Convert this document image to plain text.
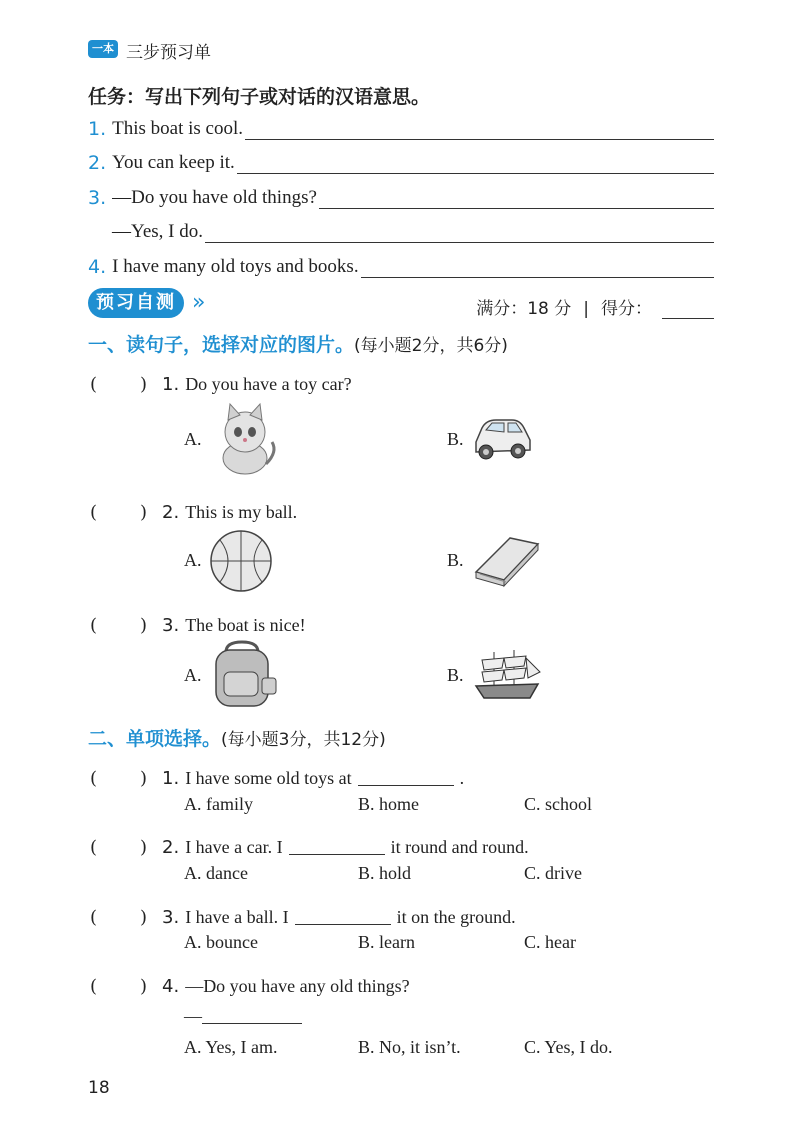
一本 三步预习单
任务：写出下列句子或对话的汉语意思。
1. This boat is cool.
2. You can keep it.
3. —Do you have old things?
—Yes, I do.
4. I have many old toys and books.
预习自测 »	满分：18 分 | 得分：
一、读句子，选择对应的图片。(每小题2分，共6分)
( ) 1. Do you have a toy car?
A.	B.
( ) 2. This is my ball.
A.	B.
( ) 3. The boat is nice!
A.	B.
二、单项选择。(每小题3分，共12分)
( ) 1. I have some old toys at	.
A. family	B. home	C. school
( ) 2. I have a car. I	it round and round.
A. dance	B. hold	C. drive
( ) 3. I have a ball. I	it on the ground.
A. bounce	B. learn	C. hear
( ) 4. —Do you have any old things?
—
A. Yes, I am.	B. No, it isn’t.	C. Yes, I do.
18
